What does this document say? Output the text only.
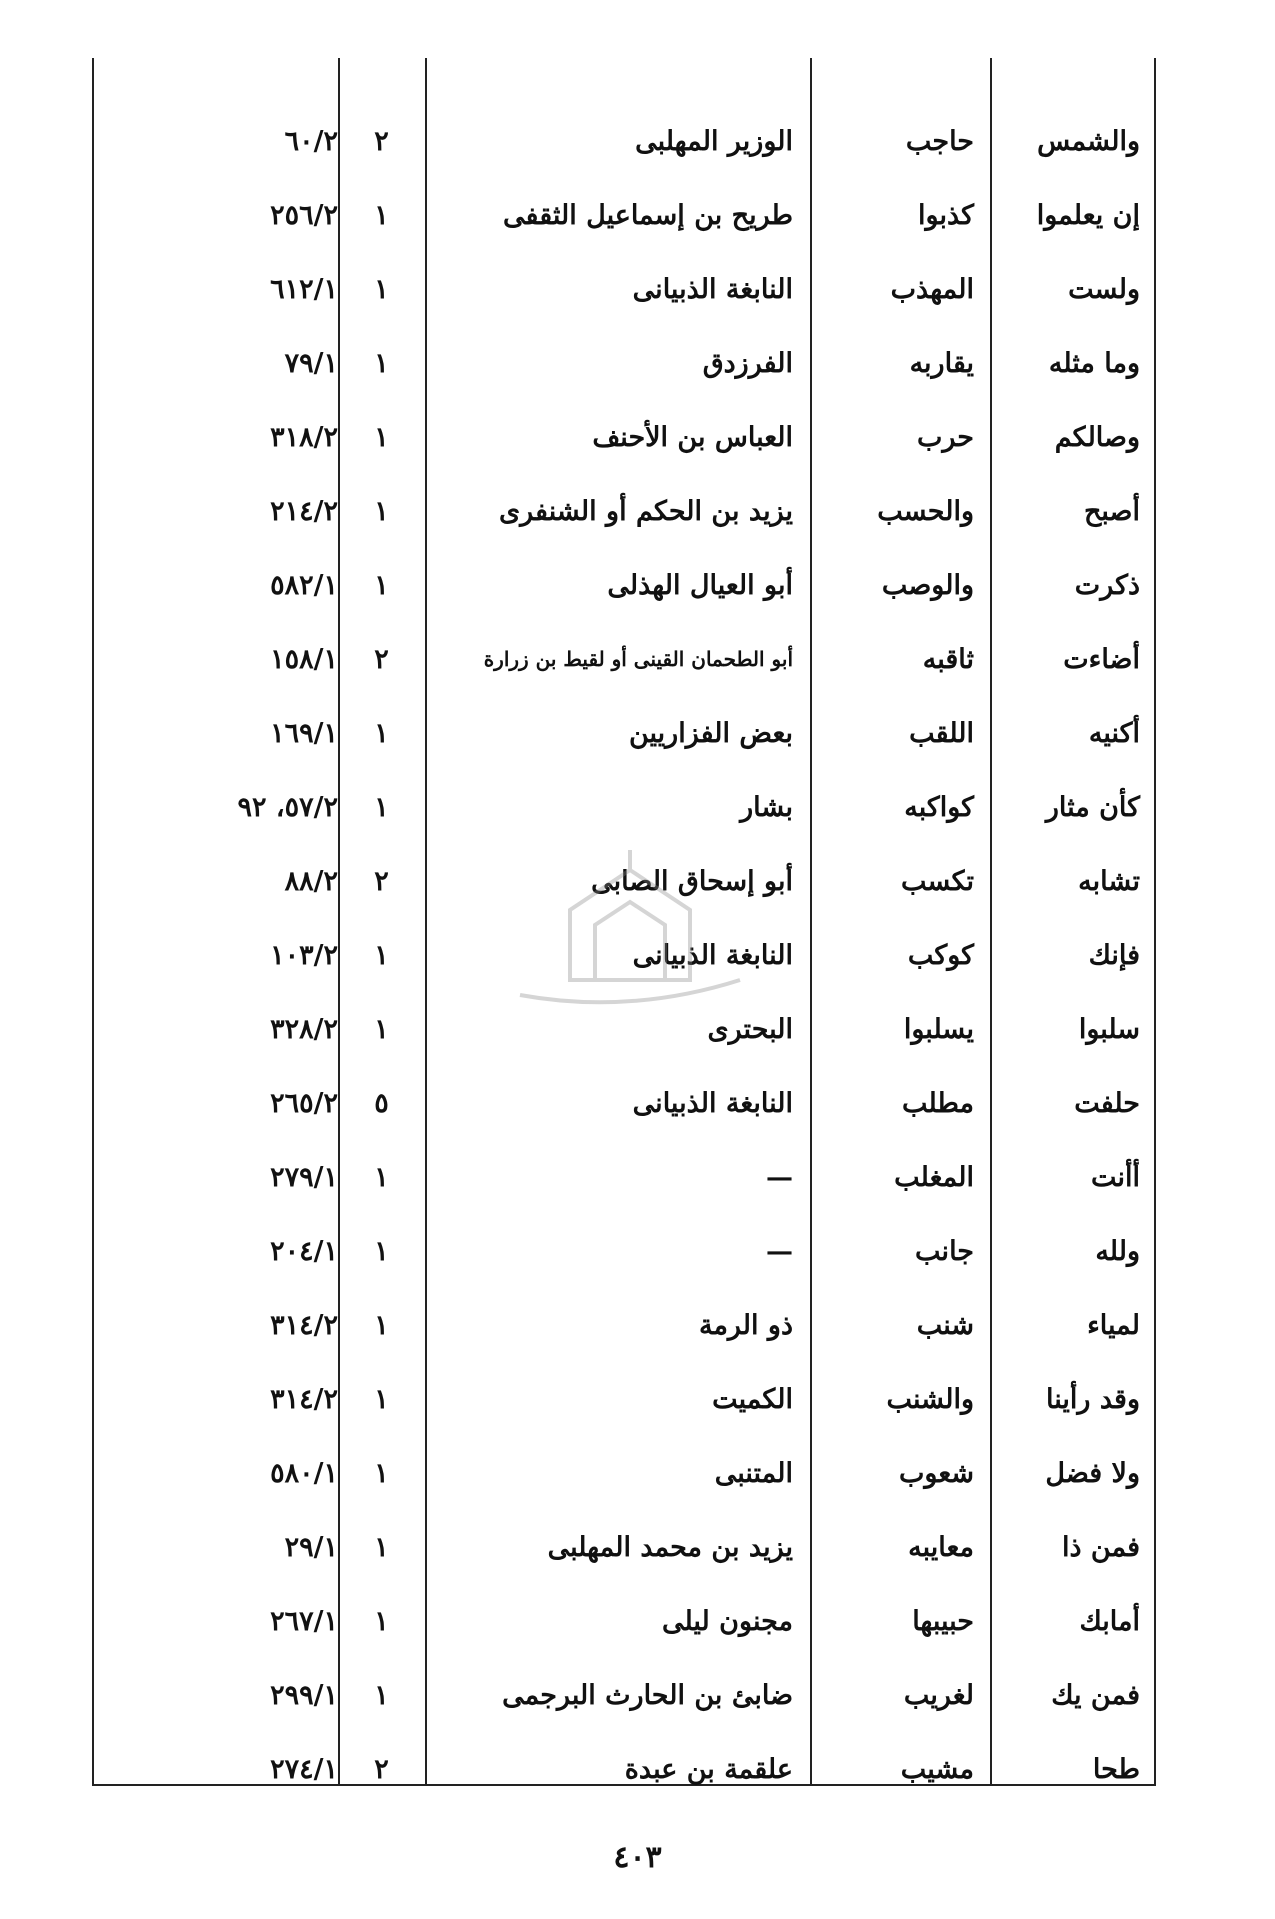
والشمس
حاجب
الوزير المهلبى
٢
٦٠/٢
إن يعلموا
كذبوا
طريح بن إسماعيل الثقفى
١
٢٥٦/٢
ولست
المهذب
النابغة الذبيانى
١
٦١٢/١
وما مثله
يقاربه
الفرزدق
١
٧٩/١
وصالكم
حرب
العباس بن الأحنف
١
٣١٨/٢
أصبح
والحسب
يزيد بن الحكم أو الشنفرى
١
٢١٤/٢
ذكرت
والوصب
أبو العيال الهذلى
١
٥٨٢/١
أضاءت
ثاقبه
أبو الطحمان القينى أو لقيط بن زرارة
٢
١٥٨/١
أكنيه
اللقب
بعض الفزاريين
١
١٦٩/١
كأن مثار
كواكبه
بشار
١
٥٧/٢، ٩٢
تشابه
تكسب
أبو إسحاق الصابى
٢
٨٨/٢
فإنك
كوكب
النابغة الذبيانى
١
١٠٣/٢
سلبوا
يسلبوا
البحترى
١
٣٢٨/٢
حلفت
مطلب
النابغة الذبيانى
٥
٢٦٥/٢
أأنت
المغلب
—
١
٢٧٩/١
ولله
جانب
—
١
٢٠٤/١
لمياء
شنب
ذو الرمة
١
٣١٤/٢
وقد رأينا
والشنب
الكميت
١
٣١٤/٢
ولا فضل
شعوب
المتنبى
١
٥٨٠/١
فمن ذا
معايبه
يزيد بن محمد المهلبى
١
٢٩/١
أمابك
حبيبها
مجنون ليلى
١
٢٦٧/١
فمن يك
لغريب
ضابئ بن الحارث البرجمى
١
٢٩٩/١
طحا
مشيب
علقمة بن عبدة
٢
٢٧٤/١
٤٠٣
